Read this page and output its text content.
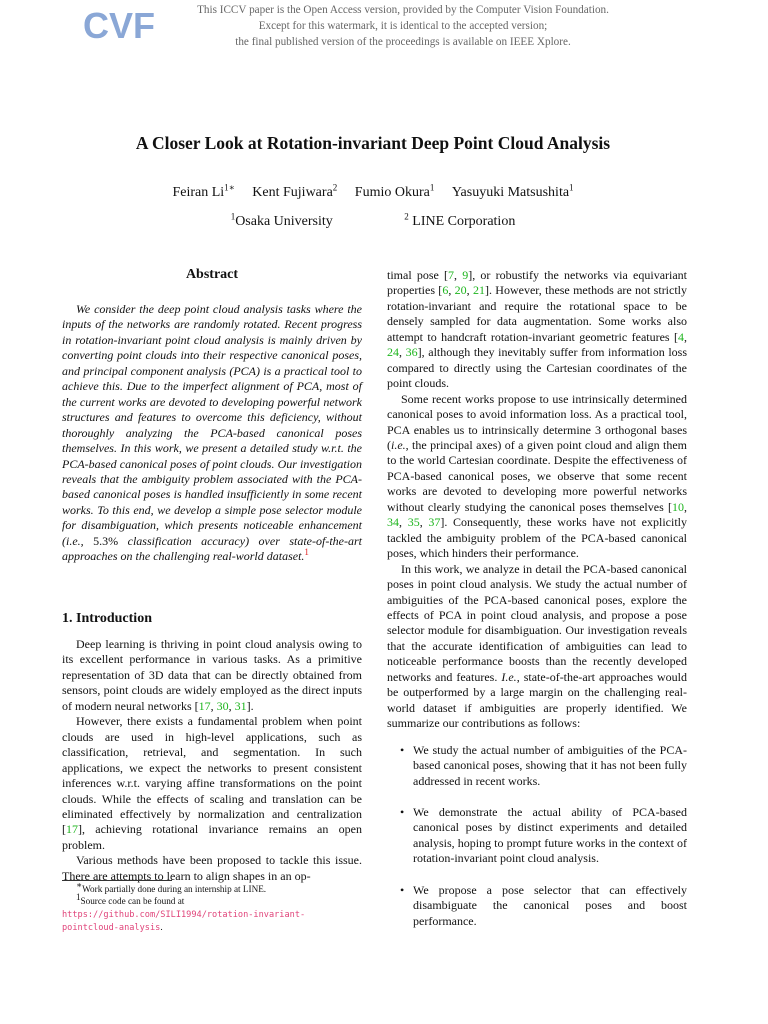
CVF	This ICCV paper is the Open Access version, provided by the Computer Vision Foundation.
Except for this watermark, it is identical to the accepted version;
the final published version of the proceedings is available on IEEE Xplore.
A Closer Look at Rotation-invariant Deep Point Cloud Analysis
Feiran $Li^{1∗}$ Kent Fujiwara$^2$ Fumio Okura$^1$ Yasuyuki Matsushita$^1$
$^1$Osaka University	$^2$ LINE Corporation
Abstract

We consider the deep point cloud analysis tasks where the inputs of the networks are randomly rotated. Recent progress in rotation-invariant point cloud analysis is mainly driven by converting point clouds into their respective canonical poses, and principal component analysis (PCA) is a practical tool to achieve this. Due to the imperfect alignment of PCA, most of the current works are devoted to developing powerful network structures and features to overcome this deficiency, without thoroughly analyzing the PCA-based canonical poses themselves. In this work, we present a detailed study w.r.t. the PCA-based canonical poses of point clouds. Our investigation reveals that the ambiguity problem associated with the PCA-based canonical poses is handled insufficiently in some recent works. To this end, we develop a simple pose selector module for disambiguation, which presents noticeable enhancement (i.e., 5.3% classification accuracy) over state-of-the-art approaches on the challenging real-world dataset.$^1$

1. Introduction

Deep learning is thriving in point cloud analysis owing to its excellent performance in various tasks. As a primitive representation of 3D data that can be directly obtained from sensors, point clouds are widely employed as the direct inputs of modern neural networks [17, 30, 31].

However, there exists a fundamental problem when point clouds are used in high-level applications, such as classification, retrieval, and segmentation. In such applications, we expect the networks to present consistent inferences w.r.t. varying affine transformations on the point clouds. While the effects of scaling and translation can be eliminated effectively by normalization and centralization [17], achieving rotational invariance remains an open problem.

Various methods have been proposed to tackle this issue. There are attempts to learn to align shapes in an op-

∗Work partially done during an internship at LINE.

$^1$Source code can be found at https://github.com/SILI1994/rotation-invariant-pointcloud-analysis.

timal pose [7, 9], or robustify the networks via equivariant properties [6, 20, 21]. However, these methods are not strictly rotation-invariant and require the rotational space to be densely sampled for data augmentation. Some works also attempt to handcraft rotation-invariant geometric features [4, 24, 36], although they inevitably suffer from information loss compared to directly using the Cartesian coordinates of the point clouds.

Some recent works propose to use intrinsically determined canonical poses to avoid information loss. As a practical tool, PCA enables us to intrinsically determine 3 orthogonal bases (i.e., the principal axes) of a given point cloud and align them to the world Cartesian coordinate. Despite the effectiveness of PCA-based canonical poses, we observe that some recent works are devoted to developing more powerful networks without clearly studying the canonical poses themselves [10, 34, 35, 37]. Consequently, these works have not explicitly tackled the ambiguity problem of the PCA-based canonical poses, which hinders their performance.

In this work, we analyze in detail the PCA-based canonical poses in point cloud analysis. We study the actual number of ambiguities of the PCA-based canonical poses, explore the effects of PCA in point cloud analysis, and propose a pose selector module for disambiguation. Our investigation reveals that the accurate identification of ambiguities can lead to noticeable performance boosts than the recently developed networks and features. I.e., state-of-the-art approaches would be outperformed by a large margin on the challenging real-world dataset if ambiguities are properly identified. We summarize our contributions as follows:

• We study the actual number of ambiguities of the PCA-based canonical poses, showing that it has not been fully addressed in recent works.
• We demonstrate the actual ability of PCA-based canonical poses by distinct experiments and detailed analysis, hoping to prompt future works in the context of rotation-invariant point cloud analysis.
• We propose a pose selector that can effectively disambiguate the canonical poses and boost performance.
